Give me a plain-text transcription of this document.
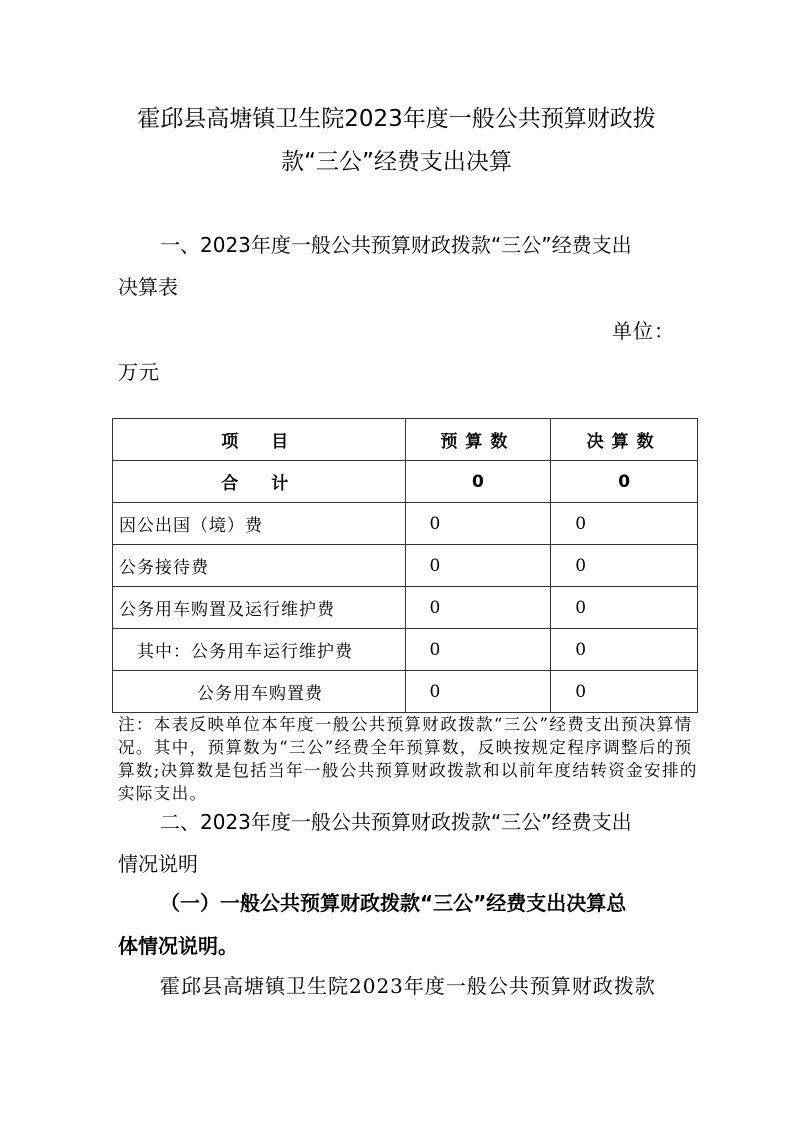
霍邱县高塘镇卫生院2023年度一般公共预算财政拨
款“三公”经费支出决算
一、2023年度一般公共预算财政拨款“三公”经费支出
决算表
单位：
万元
项　目	预算数	决算数
合　计	0	0
因公出国（境）费	0	0
公务接待费	0	0
公务用车购置及运行维护费	0	0
其中：公务用车运行维护费	0	0
公务用车购置费	0	0
注：本表反映单位本年度一般公共预算财政拨款“三公”经费支出预决算情况。其中，预算数为“三公”经费全年预算数，反映按规定程序调整后的预算数;决算数是包括当年一般公共预算财政拨款和以前年度结转资金安排的实际支出。
二、2023年度一般公共预算财政拨款“三公”经费支出
情况说明
（一）一般公共预算财政拨款“三公”经费支出决算总
体情况说明。
霍邱县高塘镇卫生院2023年度一般公共预算财政拨款
